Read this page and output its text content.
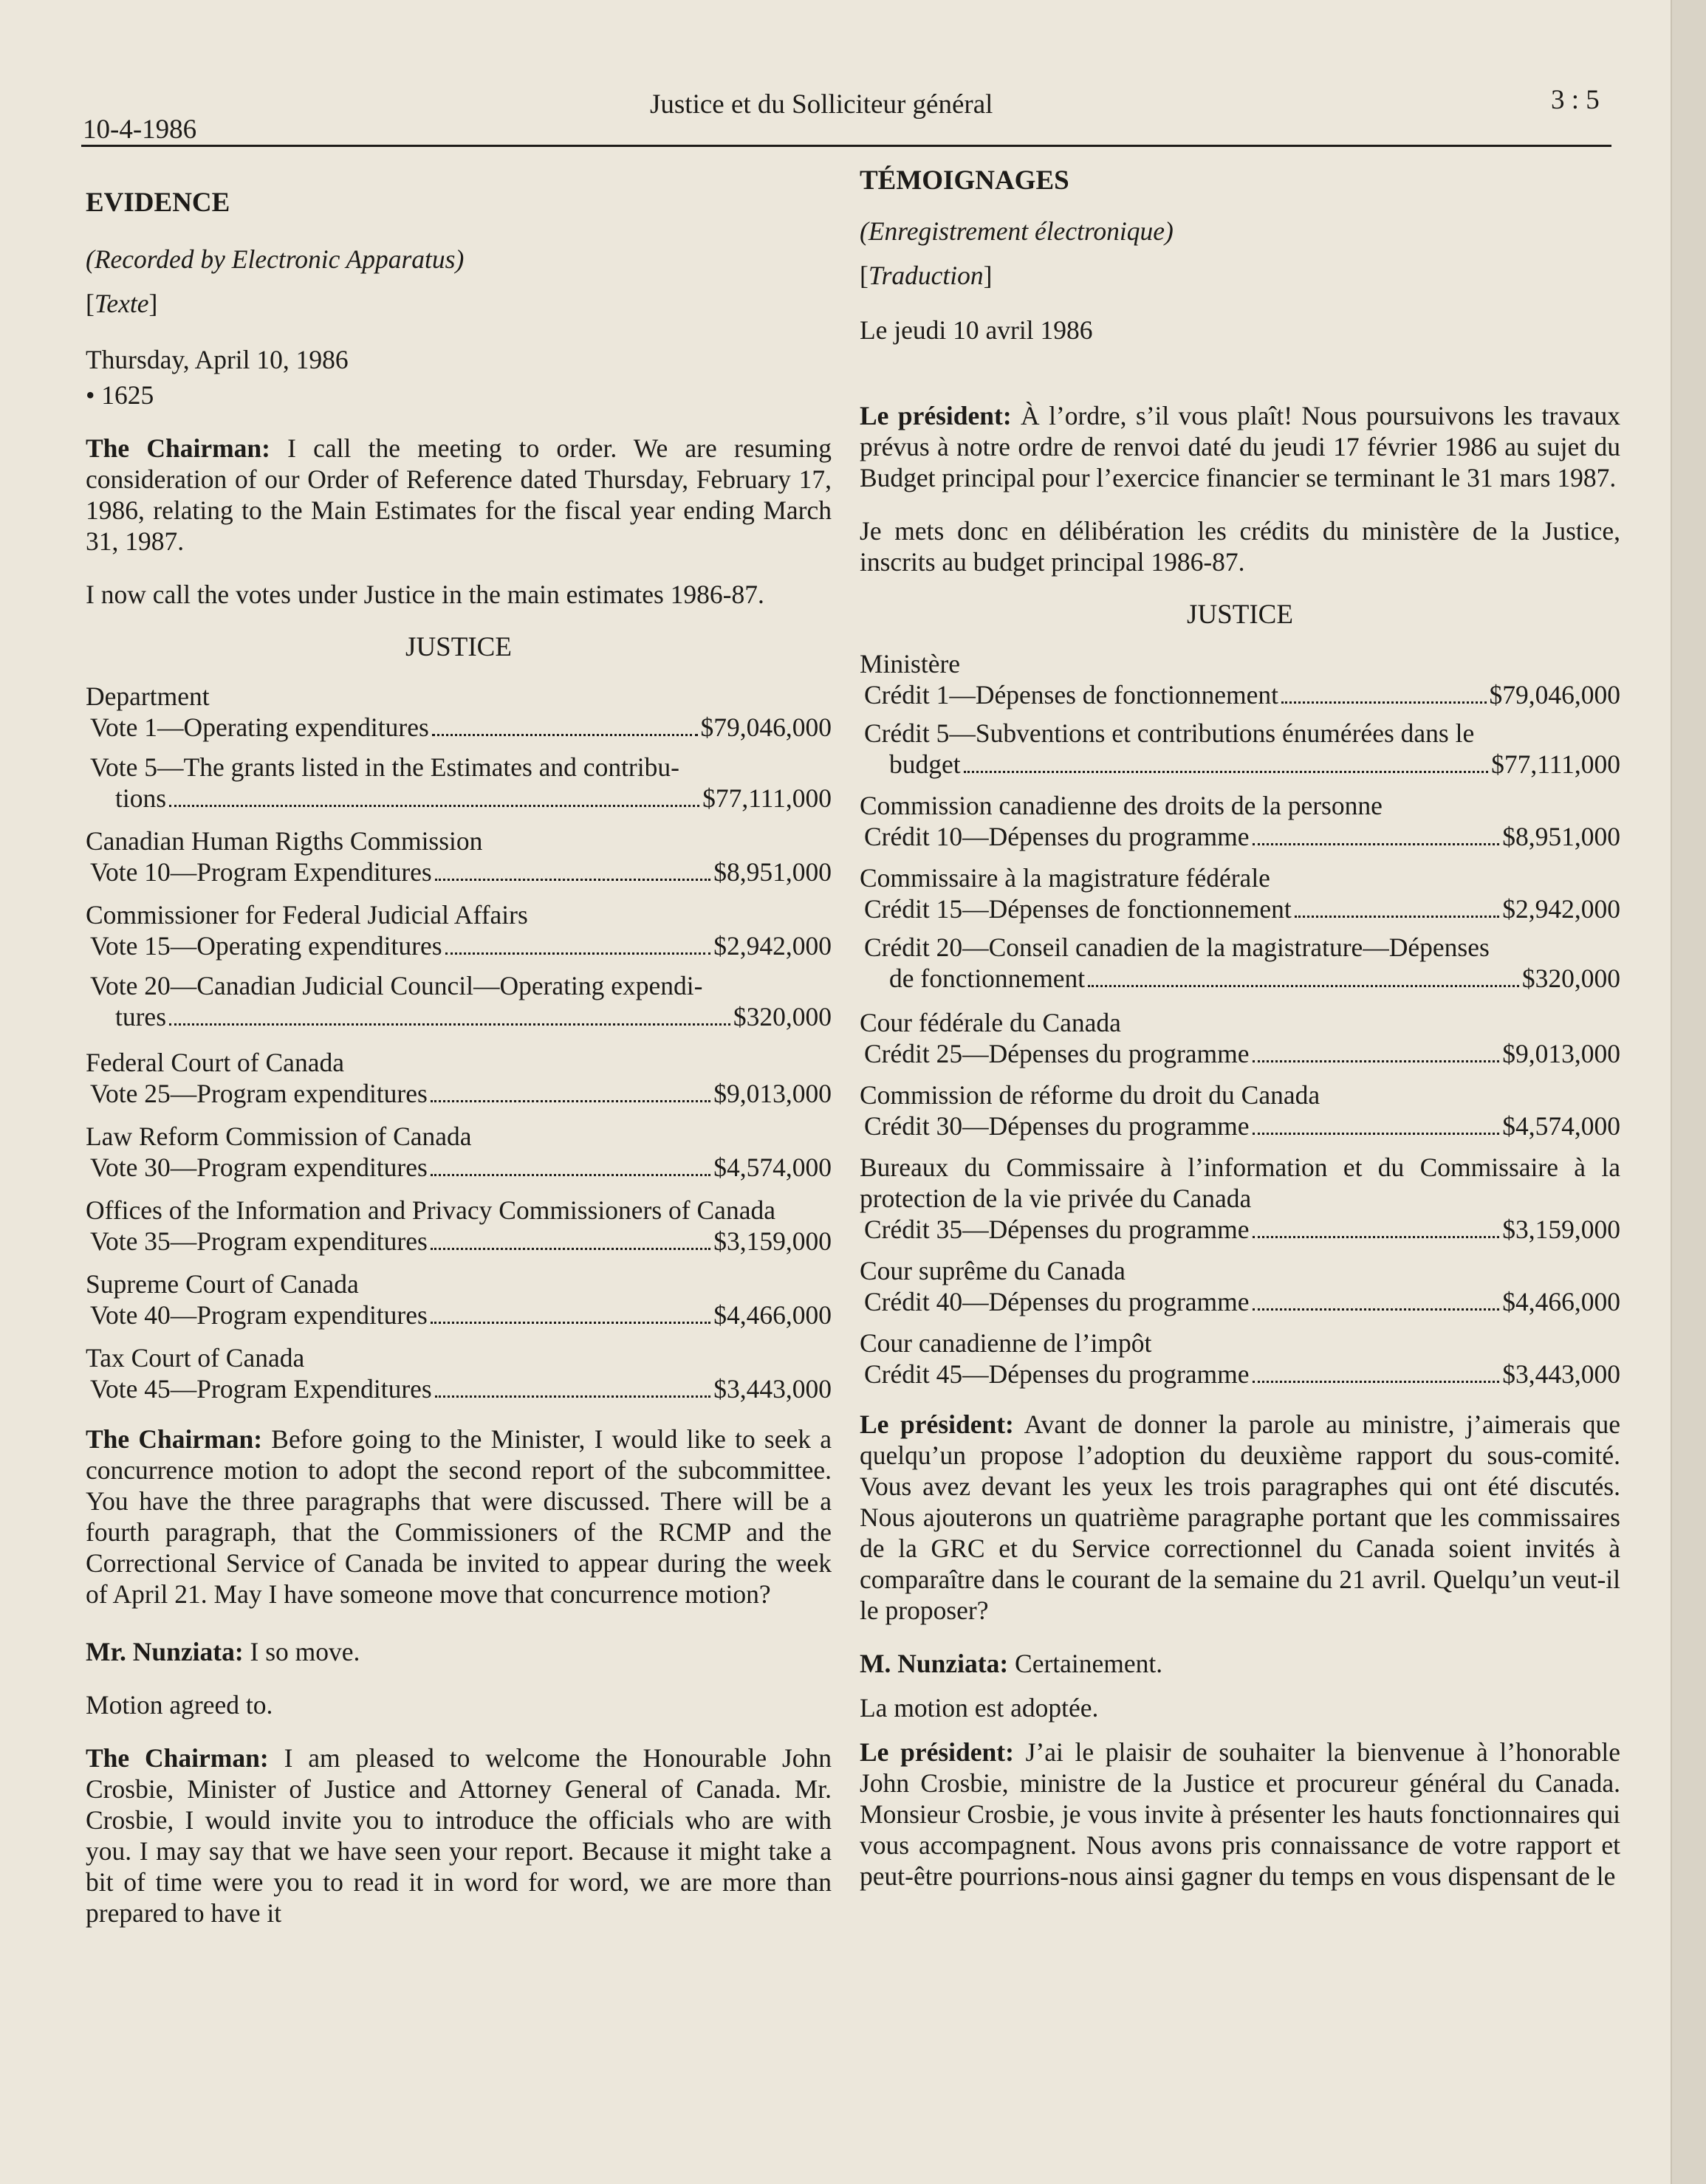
10-4-1986
Justice et du Solliciteur général	3 : 5
EVIDENCE

(Recorded by Electronic Apparatus)

[Texte]

Thursday, April 10, 1986

• 1625

The Chairman: I call the meeting to order. We are resuming consideration of our Order of Reference dated Thursday, February 17, 1986, relating to the Main Estimates for the fiscal year ending March 31, 1987.

I now call the votes under Justice in the main estimates 1986-87.

JUSTICE

Department

Vote 1—Operating expenditures	$79,046,000
Vote 5—The grants listed in the Estimates and contribu-
tions	$77,111,000

Canadian Human Rigths Commission

Vote 10—Program Expenditures	$8,951,000

Commissioner for Federal Judicial Affairs

Vote 15—Operating expenditures	$2,942,000
Vote 20—Canadian Judicial Council—Operating expendi-
tures	$320,000

Federal Court of Canada

Vote 25—Program expenditures	$9,013,000

Law Reform Commission of Canada

Vote 30—Program expenditures	$4,574,000

Offices of the Information and Privacy Commissioners of Canada

Vote 35—Program expenditures	$3,159,000

Supreme Court of Canada

Vote 40—Program expenditures	$4,466,000

Tax Court of Canada

Vote 45—Program Expenditures	$3,443,000

The Chairman: Before going to the Minister, I would like to seek a concurrence motion to adopt the second report of the subcommittee. You have the three paragraphs that were discussed. There will be a fourth paragraph, that the Commissioners of the RCMP and the Correctional Service of Canada be invited to appear during the week of April 21. May I have someone move that concurrence motion?

Mr. Nunziata: I so move.

Motion agreed to.

The Chairman: I am pleased to welcome the Honourable John Crosbie, Minister of Justice and Attorney General of Canada. Mr. Crosbie, I would invite you to introduce the officials who are with you. I may say that we have seen your report. Because it might take a bit of time were you to read it in word for word, we are more than prepared to have it

TÉMOIGNAGES

(Enregistrement électronique)

[Traduction]

Le jeudi 10 avril 1986

Le président: À l’ordre, s’il vous plaît! Nous poursuivons les travaux prévus à notre ordre de renvoi daté du jeudi 17 février 1986 au sujet du Budget principal pour l’exercice financier se terminant le 31 mars 1987.

Je mets donc en délibération les crédits du ministère de la Justice, inscrits au budget principal 1986-87.

JUSTICE

Ministère

Crédit 1—Dépenses de fonctionnement	$79,046,000
Crédit 5—Subventions et contributions énumérées dans le
budget	$77,111,000

Commission canadienne des droits de la personne

Crédit 10—Dépenses du programme	$8,951,000

Commissaire à la magistrature fédérale

Crédit 15—Dépenses de fonctionnement	$2,942,000
Crédit 20—Conseil canadien de la magistrature—Dépenses
de fonctionnement	$320,000

Cour fédérale du Canada

Crédit 25—Dépenses du programme	$9,013,000

Commission de réforme du droit du Canada

Crédit 30—Dépenses du programme	$4,574,000

Bureaux du Commissaire à l’information et du Commissaire à la protection de la vie privée du Canada

Crédit 35—Dépenses du programme	$3,159,000

Cour suprême du Canada

Crédit 40—Dépenses du programme	$4,466,000

Cour canadienne de l’impôt

Crédit 45—Dépenses du programme	$3,443,000

Le président: Avant de donner la parole au ministre, j’aimerais que quelqu’un propose l’adoption du deuxième rapport du sous-comité. Vous avez devant les yeux les trois paragraphes qui ont été discutés. Nous ajouterons un quatrième paragraphe portant que les commissaires de la GRC et du Service correctionnel du Canada soient invités à comparaître dans le courant de la semaine du 21 avril. Quelqu’un veut-il le proposer?

M. Nunziata: Certainement.

La motion est adoptée.

Le président: J’ai le plaisir de souhaiter la bienvenue à l’honorable John Crosbie, ministre de la Justice et procureur général du Canada. Monsieur Crosbie, je vous invite à présenter les hauts fonctionnaires qui vous accompagnent. Nous avons pris connaissance de votre rapport et peut-être pourrions-nous ainsi gagner du temps en vous dispensant de le
